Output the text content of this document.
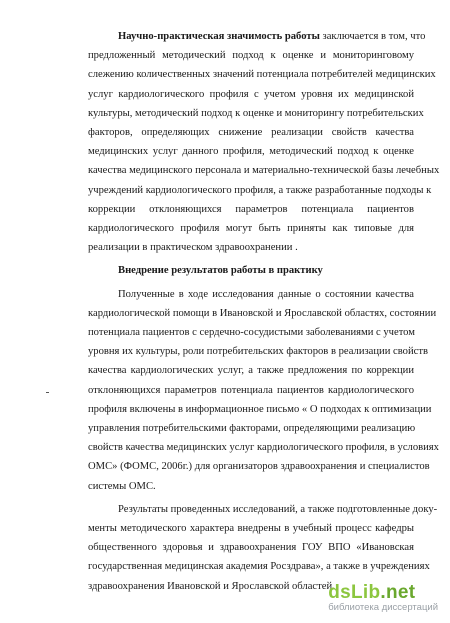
Научно-практическая значимость работы заключается в том, что
предложенный методический подход к оценке и мониторинговому
слежению количественных значений потенциала потребителей медицинских
услуг кардиологического профиля с учетом уровня их медицинской
культуры, методический подход к оценке и мониторингу потребительских
факторов, определяющих снижение реализации свойств качества
медицинских услуг данного профиля, методический подход к оценке
качества медицинского персонала и материально-технической базы лечебных
учреждений кардиологического профиля, а также разработанные подходы к
коррекции отклоняющихся параметров потенциала пациентов
кардиологического профиля могут быть приняты как типовые для
реализации в практическом здравоохранении .
Внедрение результатов работы в практику
Полученные в ходе исследования данные о состоянии качества
кардиологической помощи в Ивановской и Ярославской областях, состоянии
потенциала пациентов с сердечно-сосудистыми заболеваниями с учетом
уровня их культуры, роли потребительских факторов в реализации свойств
качества кардиологических услуг, а также предложения по коррекции
отклоняющихся параметров потенциала пациентов кардиологического
профиля включены в информационное письмо « О подходах к оптимизации
управления потребительскими факторами, определяющими реализацию
свойств качества медицинских услуг кардиологического профиля, в условиях
ОМС» (ФОМС, 2006г.) для организаторов здравоохранения и специалистов
системы ОМС.
Результаты проведенных исследований, а также подготовленные доку-
менты методического характера внедрены в учебный процесс кафедры
общественного здоровья и здравоохранения ГОУ ВПО «Ивановская
государственная медицинская академия Росздрава», а также в учреждениях
здравоохранения Ивановской и Ярославской областей.
dsLib.net
библиотека диссертаций
